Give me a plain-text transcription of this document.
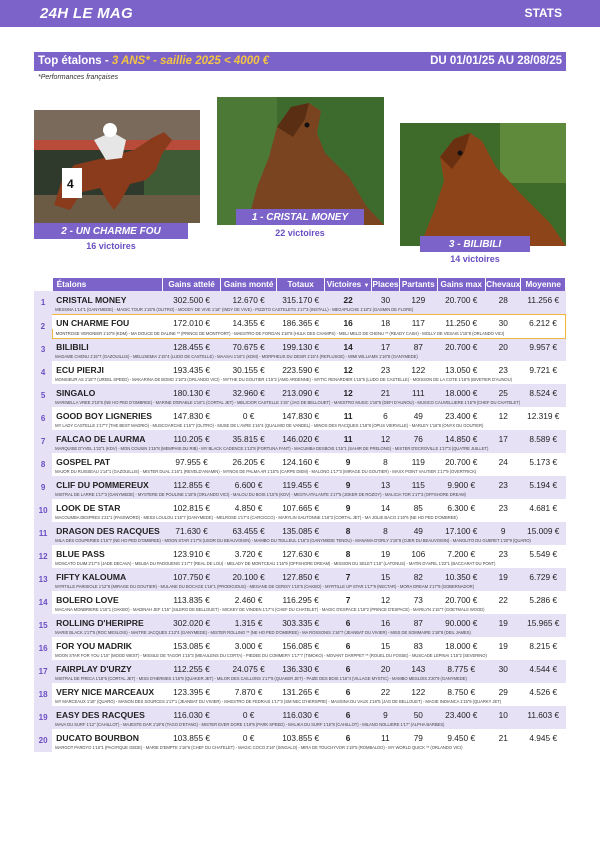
24H LE MAG	STATS
Top étalons - 3 ANS* - saillie 2025 < 4000 €	DU 01/01/25 AU 28/08/25
*Performances françaises
4
2 - UN CHARME FOU
16 victoires
1 - CRISTAL MONEY
22 victoires
3 - BILIBILI
14 victoires
	Étalons	Gains attelé	Gains monté	Totaux	Victoires ▼	Places	Partants	Gains max	Chevaux	Moyenne
1	CRISTAL MONEY	302.500 €	12.670 €	315.170 €	22	30	129	20.700 €	28	11.256 €
	MESSINA 1'14"1 (GANYMEDE) - MAGIC TOUR 1'15"6 (OLITRO) - MOODY DE VIVE 1'16" (INDY DE VIVE) - PIZZITO CASTELETS 1'17"3 (INSTALL) - MEGAPLICHE 1'18"2 (GASMIN DE FLORE)									
2	UN CHARME FOU	172.010 €	14.355 €	186.365 €	16	18	117	11.250 €	30	6.212 €
	MONTROSE VERGNIER 1'10"9 (KDM) - MA DOUCE DE DALINE ** (PRINCE DE MONTFORT) - MAESTRO DE FORGAN 1'16"8 (HULK DES CHAMPS) - MELI MELO DE CHENU ** (READY CASH) - MOLLY DE VESAIS 1'15"8 (ORLANDO VICI)									
3	BILIBILI	128.455 €	70.675 €	199.130 €	14	17	87	20.700 €	20	9.957 €
	MADAME CHENU 1'15"7 (GAZOUILLIS) - MELUSEMIA 1'15"4 (LUDO DE CASTELLE) - MAASAI 1'16"1 (KDM) - MORPHEUS DU DESIR 1'15"4 (REFLUSGE) - MIMI WILLIAMS 1'16"8 (GANYMEDE)									
4	ECU PIERJI	193.435 €	30.155 €	223.590 €	12	23	122	13.050 €	23	9.721 €
	MONSIEUR AS 1'15"7 (UREEL SPEED) - MAKARINA DE BOMO 1'16"3 (ORLANDO VICI) - MYTHE DU GOUTIER 1'15"2 (AMD ARDENNE) - MYTIC RENARDIER 1'15"5 (LUDO DE CASTELLE) - MOISSON DE LA COTE 1'16"6 (BIVETIER D'AUNOU)									
5	SINGALO	180.130 €	32.960 €	213.090 €	12	21	111	18.000 €	25	8.524 €
	MARINELLA VREE 2'15"6 (NE HO PED D'OMBREE) - MARINE D'ERABLE 1'16"1 (CORTAL JET) - MELICIOR CASTELLE 1'15" (JAG DE BELLOUET) - MAESTRO MUSIC 1'16"5 (DEFI D'AUNOU) - MUSICO CAUVELLIERE 1'15"9 (CHEF DU CHATELET)									
6	GOOD BOY LIGNERIES	147.830 €	0 €	147.830 €	11	6	49	23.400 €	12	12.319 €
	MY LADY CASTELLE 1'17"7 (THE BEST MADRIO) - MUSCOARCHE 1'15"7 (OLITRO) - MUSE DE L'AVRE 1'16"4 (QUALMIO DE VANDEL) - MINOS DES RACQUES 1'18"8 (OPUS VIERVILLE) - MARLEY 1'16"8 (ONYX DU GOUTIER)									
7	FALCAO DE LAURMA	110.205 €	35.815 €	146.020 €	11	12	76	14.850 €	17	8.589 €
	MARQUISE D'YVEL 1'22"1 (KDV) - MON COUSIN 1'15"8 (MEMPHIS DU RIB) - MY BLACK CADENCE 1'13"8 (FORTUNA FANT) - MACUMBA DESBOIS 1'15"1 (SAHIR DE PRELONG) - MISTER D'ECROVILLE 1'17"3 (QUATRE JUILLET)									
8	GOSPEL PAT	97.955 €	26.205 €	124.160 €	9	8	119	20.700 €	24	5.173 €
	MAJOR DU RUISSEAU 1'14"1 (GAZOUILLIS) - MISTER DUAL 1'16"1 (REVELD'ANAMIN) - MYNOS DE PALMA AR 1'15"5 (CARPE DIEM) - MALONG 1'17"3 (MIRAGE DU GOUTIER) - MAXX POINT VAUTIER 1'17"9 (OVERTRICK)									
9	CLIF DU POMMEREUX	112.855 €	6.600 €	119.455 €	9	13	115	9.900 €	23	5.194 €
	MISTRAL DE LARRE 1'17"3 (GANYMEDE) - MYSTERE DE POULINE 1'15"6 (ORLANDO VICI) - MALOU DU BOIS 1'15"6 (KDV) - MESTA ATALANTE 1'17"5 (JOKER DE ROZOY) - MALICIA TOR 1'17"3 (OFFSHORE DREAM)									
10	LOOK DE STAR	102.815 €	4.850 €	107.665 €	9	14	85	6.300 €	23	4.681 €
	MACOUMBA DESPRES 1'21"1 (PASSWORD) - MESS LOULOU 1'15"7 (GANYMEDE) - MELROSE 1'17"4 (CARCICCO) - MARYLIN SAUTONNE 1'18"3 (CORTAL JET) - MA JOLIE BACO 1'19"6 (NE HO PED D'OMBREE)									
11	DRAGON DES RACQUES	71.630 €	63.455 €	135.085 €	8	8	49	17.100 €	9	15.009 €
	MILA DES COUPERIES 1'15"7 (NE HO PED D'OMBREE) - MOON STAR 1'17"8 (USOR DU BEAUVOISIN) - MAMBO DU TEILLEUL 1'16"3 (GANYMEDE TENOU) - MANAMA D'ORLY 1'15"6 (OJER DU BEAUVOISIN) - MANOLITO DU GUERET 1'20"9 (QUARO)									
12	BLUE PASS	123.910 €	3.720 €	127.630 €	8	19	106	7.200 €	23	5.549 €
	MOSCATO DUIM 2'17"4 (JADE DECAVA) - MELBA DU PADOUENG 1'17"7 (REAL DE LOU) - MELADY DE MONTCEAU 1'16"9 (OFFSHORE DREAM) - MISSION DU SELET 1'16" (LATONUS) - MATIN D'AVRIL 1'22"1 (BACCARAT DU PONT)									
13	FIFTY KALOUMA	107.750 €	20.100 €	127.850 €	7	15	82	10.350 €	19	6.729 €
	MYRTILLE PARISIOLE 1'12"8 (MIRAGE DU GOUTIER) - MULANE DU BOCAGE 1'16"1 (PRODIGIOUS) - MEGANE DE CERISY 1'15"5 (OAKBO) - MYRTILLE UP STAR 1'17"9 (NECTAR) - MORA DREAM 1'17"9 (GOBERNADOR)									
14	BOLERO LOVE	113.835 €	2.460 €	116.295 €	7	12	73	20.700 €	22	5.286 €
	MACANA MONBRIERE 1'15"1 (OAKBO) - MADINAH JEF 1'15" (SILERO DE BELLOUET) - MICKEY DE VINDEN 1'17"4 (CHEF DU CHATELET) - MAGIC D'ESPACE 1'18"2 (PRINCE D'ESPACE) - MARILYN 1'15"7 (GOETMALS WOOD)									
15	ROLLING D'HERIPRE	302.020 €	1.315 €	303.335 €	6	16	87	90.000 €	19	15.965 €
	MARIE BLACK 1'17"5 (ROC MESLOIS) - MAITRE JACQUES 1'13"4 (GANYMEDE) - MISTER ROLLING ** (NE HO PED D'OMBREE) - MA ROSSONIS 1'16"7 (JEANBAT DU VIVIER) - MISS DE SOMMAIRE 1'18"8 (DEIL JAMES)									
16	FOR YOU MADRIK	153.085 €	3.000 €	156.085 €	6	15	83	18.000 €	19	8.215 €
	MOON STAR FOR YOU 1'15" (MOOD WEST) - MISSILE DE TAGOR 1'15"3 (MEAULENS DU CORTA) - PIEDEE DU COMMERY 1'17"7 (TIMOKO) - MOVANT DARPPET ** (ROUEL DU FOSSE) - MUSCADE LEPINAI 1'15"2 (SEVERINO)									
17	FAIRPLAY D'URZY	112.255 €	24.075 €	136.330 €	6	20	143	8.775 €	30	4.544 €
	MISTRAL DE FRECA 1'18"6 (CORTAL JET) - MISS D'HERMES 1'15"9 (QUAKER JET) - MILOR DES CAILLONS 1'17"9 (QUAKER JET) - PAIZE DES BOIS 1'16"4 (VILLAGE MYSTIC) - MAMBO MESLOIS 2'20"9 (GANYMEDE)									
18	VERY NICE MARCEAUX	123.395 €	7.870 €	131.265 €	6	22	122	8.750 €	29	4.526 €
	MY MARCEAUX 1'16" (QUARO) - MANON DES SOURCES 1'17"1 (JEANBAT DU VIVIER) - MAESTRO DE FEDRAIS 1'17"3 (SM NEC D'HERSPRE) - MASSINA DU VAUX 1'16"6 (JAG DE BELLOUET) - MAGIE INDIANCA 1'15"9 (QUARKY JET)									
19	EASY DES RACQUES	116.030 €	0 €	116.030 €	6	9	50	23.400 €	10	11.603 €
	MAVA DU SURF 1'12" (CAHILLOT) - MAJESTE DAR 1'19"6 (TAGO D'ETANG) - MISTER EVER DORE 1'19"6 (PARK SPEED) - MALIKA DU SURF 1'15"8 (CAHILLOT) - MILANO NOLLIERE 1'17" (ALPHA BARBES)									
20	DUCATO BOURBON	103.855 €	0 €	103.855 €	6	11	79	9.450 €	21	4.945 €
	MARGOT PARDYO 1'16"1 (PACIFIQUE GEDE) - MARIE D'EMPTE 1'16"6 (CHEF DU CHATELET) - MAGIC COCO 2'16" (SINGALO) - MIRA DE TOUCHYVOR 1'19"5 (ROMBALDO) - MY WORLD QUICK ** (ORLANDO VICI)									
